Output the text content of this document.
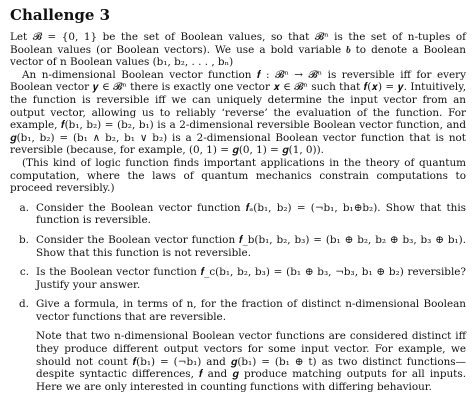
Challenge 3

Let 𝓑 = {0, 1} be the set of Boolean values, so that 𝓑ⁿ is the set of n-tuples of Boolean values (or Boolean vectors). We use a bold variable 𝒃 to denote a Boolean vector of n Boolean values (b₁, b₂, . . . , bₙ)

An n-dimensional Boolean vector function 𝒇 : 𝓑ⁿ → 𝓑ⁿ is reversible iff for every Boolean vector 𝒚 ∈ 𝓑ⁿ there is exactly one vector 𝒙 ∈ 𝓑ⁿ such that 𝒇(𝒙) = 𝒚. Intuitively, the function is reversible iff we can uniquely determine the input vector from an output vector, allowing us to reliably ‘reverse’ the evaluation of the function. For example, 𝒇(b₁, b₂) = (b₂, b₁) is a 2-dimensional reversible Boolean vector function, and 𝒈(b₁, b₂) = (b₁ ∧ b₂, b₁ ∨ b₂) is a 2-dimensional Boolean vector function that is not reversible (because, for example, (0, 1) = 𝒈(0, 1) = 𝒈(1, 0)).

(This kind of logic function finds important applications in the theory of quantum computation, where the laws of quantum mechanics constrain computations to proceed reversibly.)

a. Consider the Boolean vector function 𝒇ₐ(b₁, b₂) = (¬b₁, b₁⊕b₂). Show that this function is reversible.

b. Consider the Boolean vector function 𝒇_b(b₁, b₂, b₃) = (b₁ ⊕ b₂, b₂ ⊕ b₃, b₃ ⊕ b₁). Show that this function is not reversible.

c. Is the Boolean vector function 𝒇_c(b₁, b₂, b₃) = (b₁ ⊕ b₃, ¬b₃, b₁ ⊕ b₂) reversible? Justify your answer.

d. Give a formula, in terms of n, for the fraction of distinct n-dimensional Boolean vector functions that are reversible.

Note that two n-dimensional Boolean vector functions are considered distinct iff they produce different output vectors for some input vector. For example, we should not count 𝒇(b₁) = (¬b₁) and 𝒈(b₁) = (b₁ ⊕ t) as two distinct functions—despite syntactic differences, 𝒇 and 𝒈 produce matching outputs for all inputs. Here we are only interested in counting functions with differing behaviour.
